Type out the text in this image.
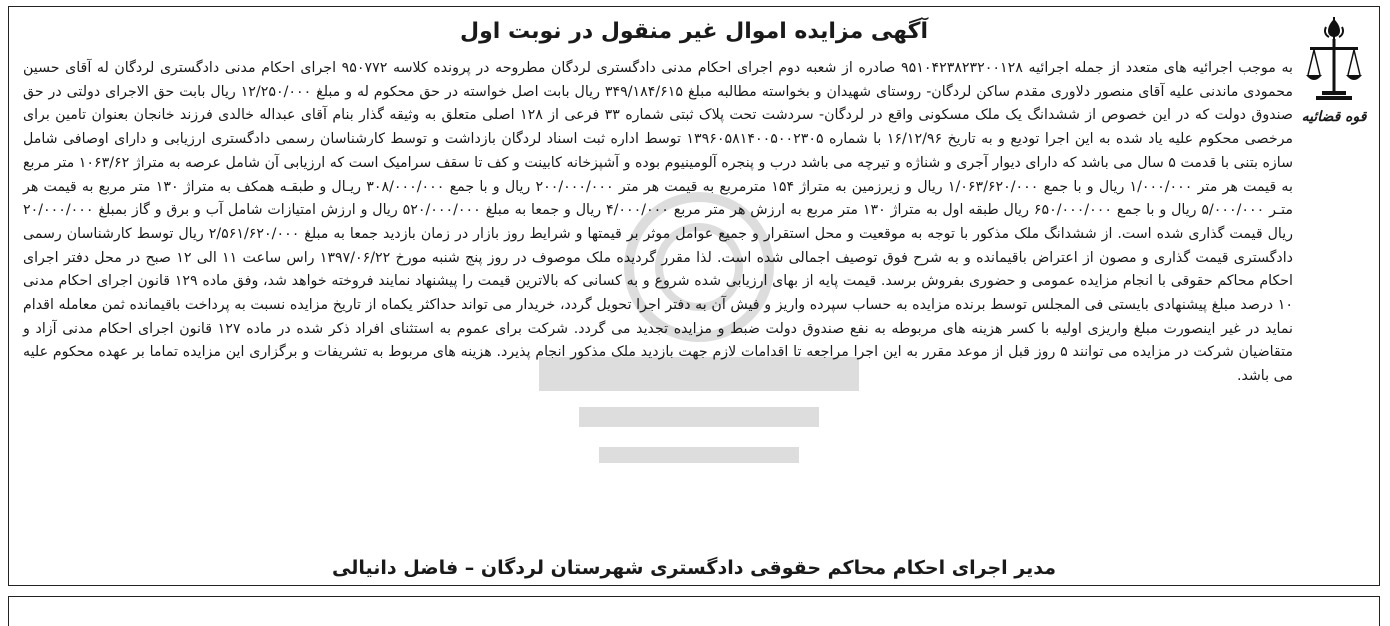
قوه قضائیه
آگهی مزایده اموال غیر منقول در نوبت اول

به موجب اجرائیه های متعدد از جمله اجرائیه ۹۵۱۰۴۲۳۸۲۳۲۰۰۱۲۸ صادره از شعبه دوم اجرای احکام مدنی دادگستری لردگان مطروحه در پرونده کلاسه ۹۵۰۷۷۲ اجرای احکام مدنی دادگستری لردگان له آقای حسین محمودی ماندنی علیه آقای منصور دلاوری مقدم ساکن لردگان- روستای شهیدان و بخواسته مطالبه مبلغ ۳۴۹/۱۸۴/۶۱۵ ریال بابت اصل خواسته در حق محکوم له و مبلغ ۱۲/۲۵۰/۰۰۰ ریال بابت حق الاجرای دولتی در حق صندوق دولت که در این خصوص از ششدانگ یک ملک مسکونی واقع در لردگان- سردشت تحت پلاک ثبتی شماره ۳۳ فرعی از ۱۲۸ اصلی متعلق به وثیقه گذار بنام آقای عبداله خالدی فرزند خانجان بعنوان تامین برای مرخصی محکوم علیه یاد شده به این اجرا توديع و به تاریخ ۱۶/۱۲/۹۶ با شماره ۱۳۹۶۰۵۸۱۴۰۰۵۰۰۲۳۰۵ توسط اداره ثبت اسناد لردگان بازداشت و توسط کارشناسان رسمی دادگستری ارزیابی و دارای اوصافی شامل سازه بتنی با قدمت ۵ سال می باشد که دارای دیوار آجری و شناژه و تیرچه می باشد درب و پنجره آلومینیوم بوده و آشپزخانه کابینت و کف تا سقف سرامیک است که ارزیابی آن شامل عرصه به متراژ ۱۰۶۳/۶۲ متر مربع به قیمت هر متر ۱/۰۰۰/۰۰۰ ریال و با جمع ۱/۰۶۳/۶۲۰/۰۰۰ ریال و زیرزمین به متراژ ۱۵۴ مترمربع به قیمت هر متر ۲۰۰/۰۰۰/۰۰۰ ریال و با جمع ۳۰۸/۰۰۰/۰۰۰ ریـال و طبقـه همکف به متراژ ۱۳۰ متر مربع به قیمت هر متـر ۵/۰۰۰/۰۰۰ ریال و با جمع ۶۵۰/۰۰۰/۰۰۰ ریال طبقه اول به متراژ ۱۳۰ متر مربع به ارزش هر متر مربع ۴/۰۰۰/۰۰۰ ریال و جمعا به مبلغ ۵۲۰/۰۰۰/۰۰۰ ریال و ارزش امتیازات شامل آب و برق و گاز بمبلغ ۲۰/۰۰۰/۰۰۰ ریال قیمت گذاری شده است. از ششدانگ ملک مذکور با توجه به موقعیت و محل استقرار و جمیع عوامل موثر بر قیمتها و شرایط روز بازار در زمان بازدید جمعا به مبلغ ۲/۵۶۱/۶۲۰/۰۰۰ ریال توسط کارشناسان رسمی دادگستری قیمت گذاری و مصون از اعتراض باقیمانده و به شرح فوق توصیف اجمالی شده است. لذا مقرر گردیده ملک موصوف در روز پنج شنبه مورخ ۱۳۹۷/۰۶/۲۲ راس ساعت ۱۱ الی ۱۲ صبح در محل دفتر اجرای احکام محاکم حقوقی با انجام مزایده عمومی و حضوری بفروش برسد. قیمت پایه از بهای ارزیابی شده شروع و به کسانی که بالاترین قیمت را پیشنهاد نمایند فروخته خواهد شد، وفق ماده ۱۲۹ قانون اجرای احکام مدنی ۱۰ درصد مبلغ پیشنهادی بایستی فی المجلس توسط برنده مزایده به حساب سپرده واریز و فیش آن به دفتر اجرا تحویل گردد، خریدار می تواند حداکثر یکماه از تاریخ مزایده نسبت به پرداخت باقیمانده ثمن معامله اقدام نماید در غیر اینصورت مبلغ واریزی اولیه با کسر هزینه های مربوطه به نفع صندوق دولت ضبط و مزایده تجدید می گردد. شرکت برای عموم به استثنای افراد ذکر شده در ماده ۱۲۷ قانون اجرای احکام مدنی آزاد و متقاضیان شرکت در مزایده می توانند ۵ روز قبل از موعد مقرر به این اجرا مراجعه تا اقدامات لازم جهت بازدید ملک مذکور انجام پذیرد. هزینه های مربوط به تشریفات و برگزاری این مزایده تماما بر عهده محکوم علیه می باشد.

مدیر اجرای احکام محاکم حقوقی دادگستری شهرستان لردگان – فاضل دانیالی
